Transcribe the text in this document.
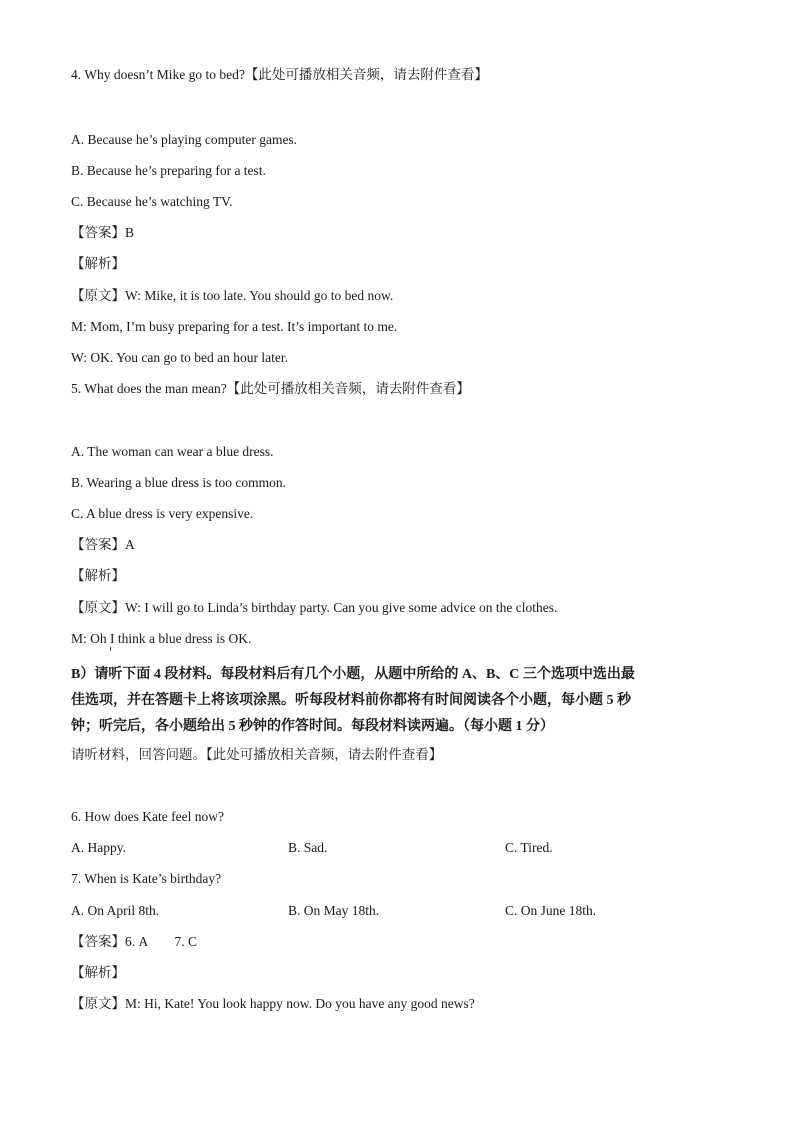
4. Why doesn’t Mike go to bed?【此处可播放相关音频，请去附件查看】
A. Because he’s playing computer games.
B. Because he’s preparing for a test.
C. Because he’s watching TV.
【答案】B
【解析】
【原文】W: Mike, it is too late. You should go to bed now.
M: Mom, I’m busy preparing for a test. It’s important to me.
W: OK. You can go to bed an hour later.
5. What does the man mean?【此处可播放相关音频，请去附件查看】
A. The woman can wear a blue dress.
B. Wearing a blue dress is too common.
C. A blue dress is very expensive.
【答案】A
【解析】
【原文】W: I will go to Linda’s birthday party. Can you give some advice on the clothes.
M: Oh I think a blue dress is OK.
B）请听下面 4 段材料。每段材料后有几个小题，从题中所给的 A、B、C 三个选项中选出最
佳选项，并在答题卡上将该项涂黑。听每段材料前你都将有时间阅读各个小题，每小题 5 秒
钟；听完后，各小题给出 5 秒钟的作答时间。每段材料读两遍。（每小题 1 分）
请听材料，回答问题。【此处可播放相关音频，请去附件查看】
6. How does Kate feel now?
A. Happy.	B. Sad.	C. Tired.
7. When is Kate’s birthday?
A. On April 8th.	B. On May 18th.	C. On June 18th.
【答案】6. A        7. C
【解析】
【原文】M: Hi, Kate! You look happy now. Do you have any good news?
